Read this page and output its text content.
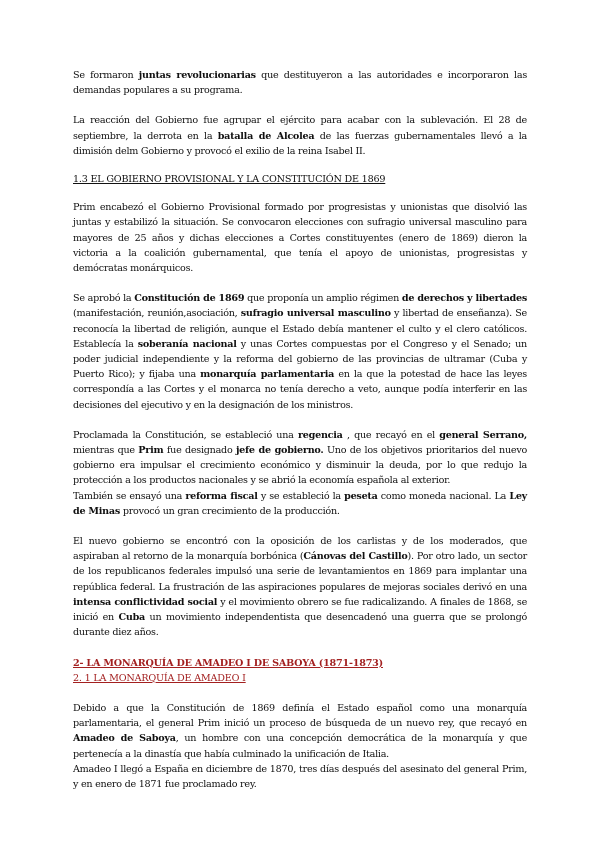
Se formaron juntas revolucionarias que destituyeron a las autoridades e incorporaron las demandas populares a su programa.

La reacción del Gobierno fue agrupar el ejército para acabar con la sublevación. El 28 de septiembre, la derrota en la batalla de Alcolea de las fuerzas gubernamentales llevó a la dimisión delm Gobierno y provocó el exilio de la reina Isabel II.

1.3 EL GOBIERNO PROVISIONAL Y LA CONSTITUCIÓN DE 1869

Prim encabezó el Gobierno Provisional formado por progresistas y unionistas que disolvió las juntas y estabilizó la situación. Se convocaron elecciones con sufragio universal masculino para mayores de 25 años y dichas elecciones a Cortes constituyentes (enero de 1869) dieron la victoria a la coalición gubernamental, que tenía el apoyo de unionistas, progresistas y demócratas monárquicos.

Se aprobó la Constitución de 1869 que proponía un amplio régimen de derechos y libertades (manifestación, reunión,asociación, sufragio universal masculino y libertad de enseñanza). Se reconocía la libertad de religión, aunque el Estado debía mantener el culto y el clero católicos. Establecía la soberanía nacional y unas Cortes compuestas por el Congreso y el Senado; un poder judicial independiente y la reforma del gobierno de las provincias de ultramar (Cuba y Puerto Rico); y fijaba una monarquía parlamentaria en la que la potestad de hace las leyes correspondía a las Cortes y el monarca no tenía derecho a veto, aunque podía interferir en las decisiones del ejecutivo y en la designación de los ministros.

Proclamada la Constitución, se estableció una regencia , que recayó en el general Serrano, mientras que Prim fue designado jefe de gobierno. Uno de los objetivos prioritarios del nuevo gobierno era impulsar el crecimiento económico y disminuir la deuda, por lo que redujo la protección a los productos nacionales y se abrió la economía española al exterior.

También se ensayó una reforma fiscal y se estableció la peseta como moneda nacional. La Ley de Minas provocó un gran crecimiento de la producción.

El nuevo gobierno se encontró con la oposición de los carlistas y de los moderados, que aspiraban al retorno de la monarquía borbónica (Cánovas del Castillo). Por otro lado, un sector de los republicanos federales impulsó una serie de levantamientos en 1869 para implantar una república federal. La frustración de las aspiraciones populares de mejoras sociales derivó en una intensa conflictividad social y el movimiento obrero se fue radicalizando. A finales de 1868, se inició en Cuba un movimiento independentista que desencadenó una guerra que se prolongó durante diez años.

2- LA MONARQUÍA DE AMADEO I DE SABOYA (1871-1873)

2. 1 LA MONARQUÍA DE AMADEO I

Debido a que la Constitución de 1869 definía el Estado español como una monarquía parlamentaria, el general Prim inició un proceso de búsqueda de un nuevo rey, que recayó en Amadeo de Saboya, un hombre con una concepción democrática de la monarquía y que pertenecía a la dinastía que había culminado la unificación de Italia.

Amadeo I llegó a España en diciembre de 1870, tres días después del asesinato del general Prim, y en enero de 1871 fue proclamado rey.
